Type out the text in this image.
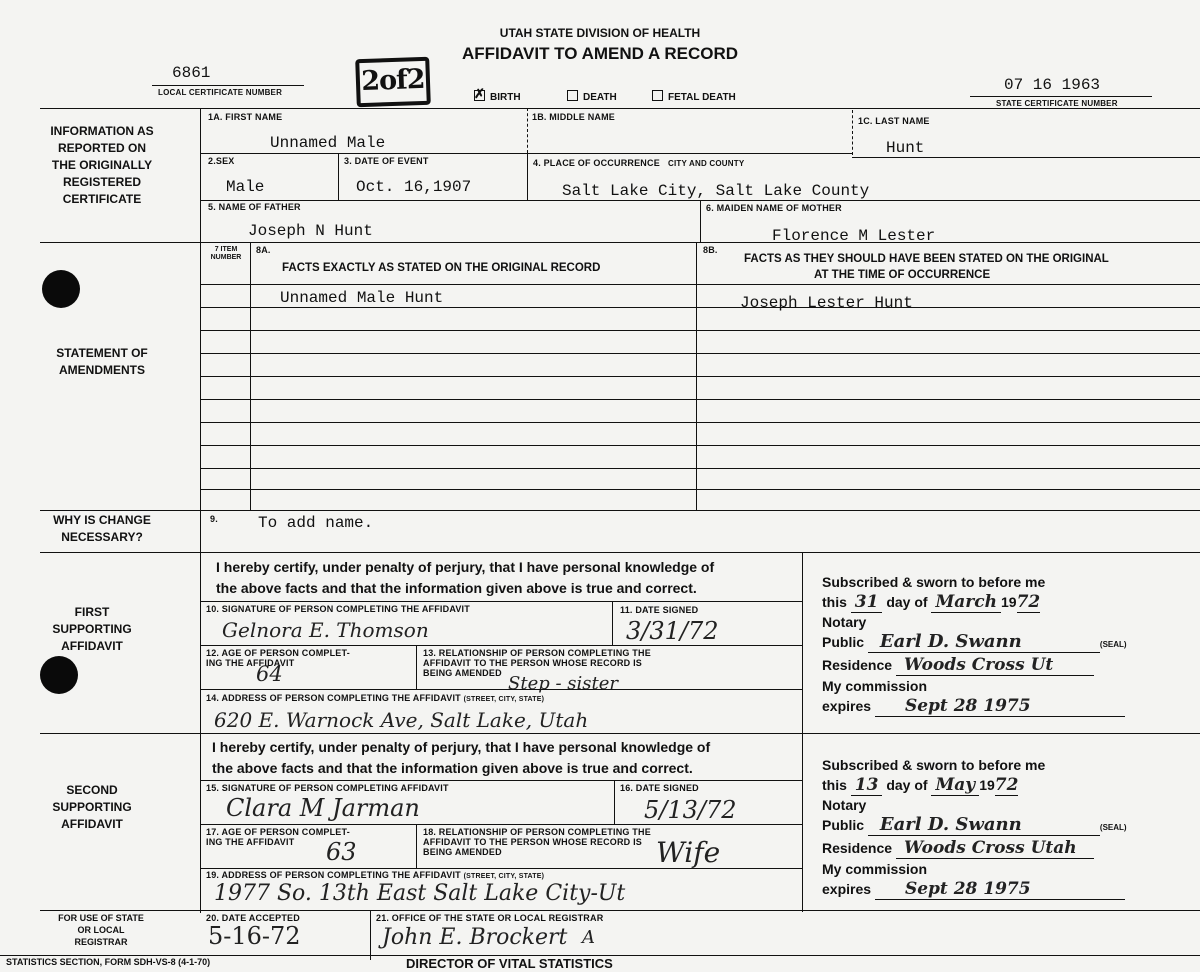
UTAH STATE DIVISION OF HEALTH
AFFIDAVIT TO AMEND A RECORD
6861
LOCAL CERTIFICATE NUMBER	2of2	✗ BIRTH	DEATH	FETAL DEATH
07 16 1963
STATE CERTIFICATE NUMBER
INFORMATION AS REPORTED ON THE ORIGINALLY REGISTERED CERTIFICATE
1A. FIRST NAME
Unnamed Male
1B. MIDDLE NAME	1C. LAST NAME
Hunt
2.SEX
Male
3. DATE OF EVENT
Oct. 16,1907
4. PLACE OF OCCURRENCE CITY AND COUNTY
Salt Lake City, Salt Lake County
5. NAME OF FATHER
Joseph N Hunt
6. MAIDEN NAME OF MOTHER
Florence M Lester
STATEMENT OF AMENDMENTS
7 ITEM NUMBER
8A.
FACTS EXACTLY AS STATED ON THE ORIGINAL RECORD
8B.
FACTS AS THEY SHOULD HAVE BEEN STATED ON THE ORIGINAL
AT THE TIME OF OCCURRENCE
Unnamed Male Hunt	Joseph Lester Hunt
WHY IS CHANGE NECESSARY?
9.	To add name.
FIRST SUPPORTING AFFIDAVIT
I hereby certify, under penalty of perjury, that I have personal knowledge of
the above facts and that the information given above is true and correct.
10. SIGNATURE OF PERSON COMPLETING THE AFFIDAVIT
Gelnora E. Thomson
11. DATE SIGNED
3/31/72
12. AGE OF PERSON COMPLET-
ING THE AFFIDAVIT
64
13. RELATIONSHIP OF PERSON COMPLETING THE
AFFIDAVIT TO THE PERSON WHOSE RECORD IS
BEING AMENDED Step - sister
14. ADDRESS OF PERSON COMPLETING THE AFFIDAVIT (STREET, CITY, STATE)
620 E. Warnock Ave, Salt Lake, Utah
Subscribed & sworn to before me
this 31 day of March 1972
Notary
Public Earl D. Swann	(SEAL)
Residence Woods Cross Ut
My commission
expires Sept 28 1975
SECOND SUPPORTING AFFIDAVIT
I hereby certify, under penalty of perjury, that I have personal knowledge of
the above facts and that the information given above is true and correct.
15. SIGNATURE OF PERSON COMPLETING AFFIDAVIT
Clara M Jarman
16. DATE SIGNED
5/13/72
17. AGE OF PERSON COMPLET-
ING THE AFFIDAVIT 63
18. RELATIONSHIP OF PERSON COMPLETING THE
AFFIDAVIT TO THE PERSON WHOSE RECORD IS
BEING AMENDED	Wife
19. ADDRESS OF PERSON COMPLETING THE AFFIDAVIT (STREET, CITY, STATE)
1977 So. 13th East Salt Lake City-Ut
Subscribed & sworn to before me
this 13 day of May 1972
Notary
Public Earl D. Swann	(SEAL)
Residence Woods Cross Utah
My commission
expires Sept 28 1975
FOR USE OF STATE OR LOCAL REGISTRAR
20. DATE ACCEPTED
5-16-72
21. OFFICE OF THE STATE OR LOCAL REGISTRAR
John E. Brockert A
DIRECTOR OF VITAL STATISTICS
STATISTICS SECTION, FORM SDH-VS-8 (4-1-70)
